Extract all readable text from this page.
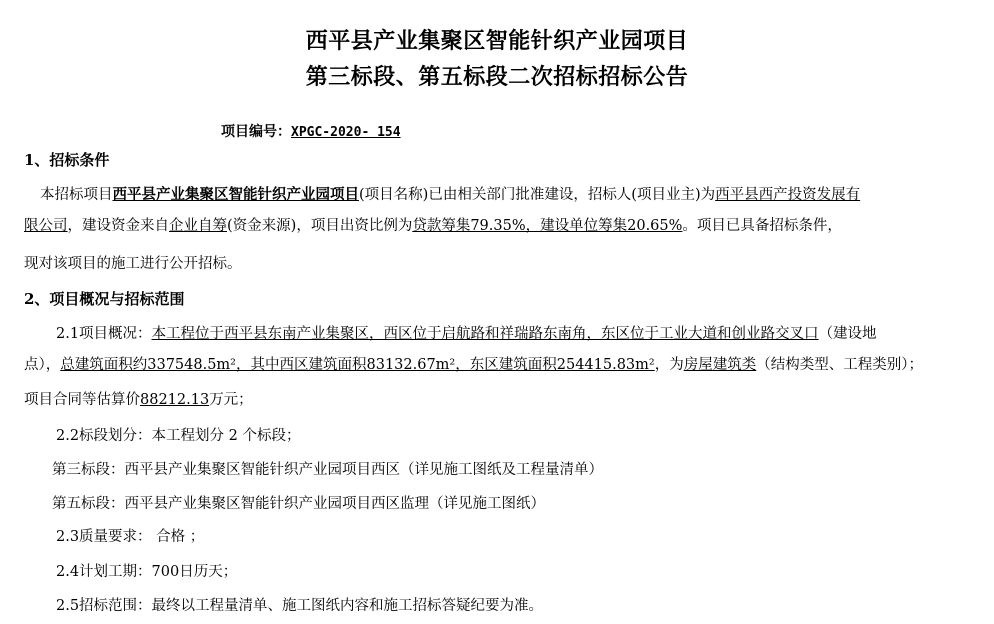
西平县产业集聚区智能针织产业园项目
第三标段、第五标段二次招标招标公告
项目编号：XPGC-2020- 154
1、招标条件
本招标项目西平县产业集聚区智能针织产业园项目(项目名称)已由相关部门批准建设，招标人(项目业主)为西平县西产投资发展有
限公司，建设资金来自企业自筹(资金来源)，项目出资比例为贷款筹集79.35%，建设单位筹集20.65%。项目已具备招标条件，
现对该项目的施工进行公开招标。
2、项目概况与招标范围
2.1项目概况：本工程位于西平县东南产业集聚区，西区位于启航路和祥瑞路东南角，东区位于工业大道和创业路交叉口（建设地
点），总建筑面积约337548.5m²，其中西区建筑面积83132.67m²，东区建筑面积254415.83m²，为房屋建筑类（结构类型、工程类别）；
项目合同等估算价88212.13万元；
2.2标段划分：本工程划分 2 个标段；
第三标段：西平县产业集聚区智能针织产业园项目西区（详见施工图纸及工程量清单）
第五标段：西平县产业集聚区智能针织产业园项目西区监理（详见施工图纸）
2.3质量要求： 合格 ；
2.4计划工期：700日历天；
2.5招标范围：最终以工程量清单、施工图纸内容和施工招标答疑纪要为准。
